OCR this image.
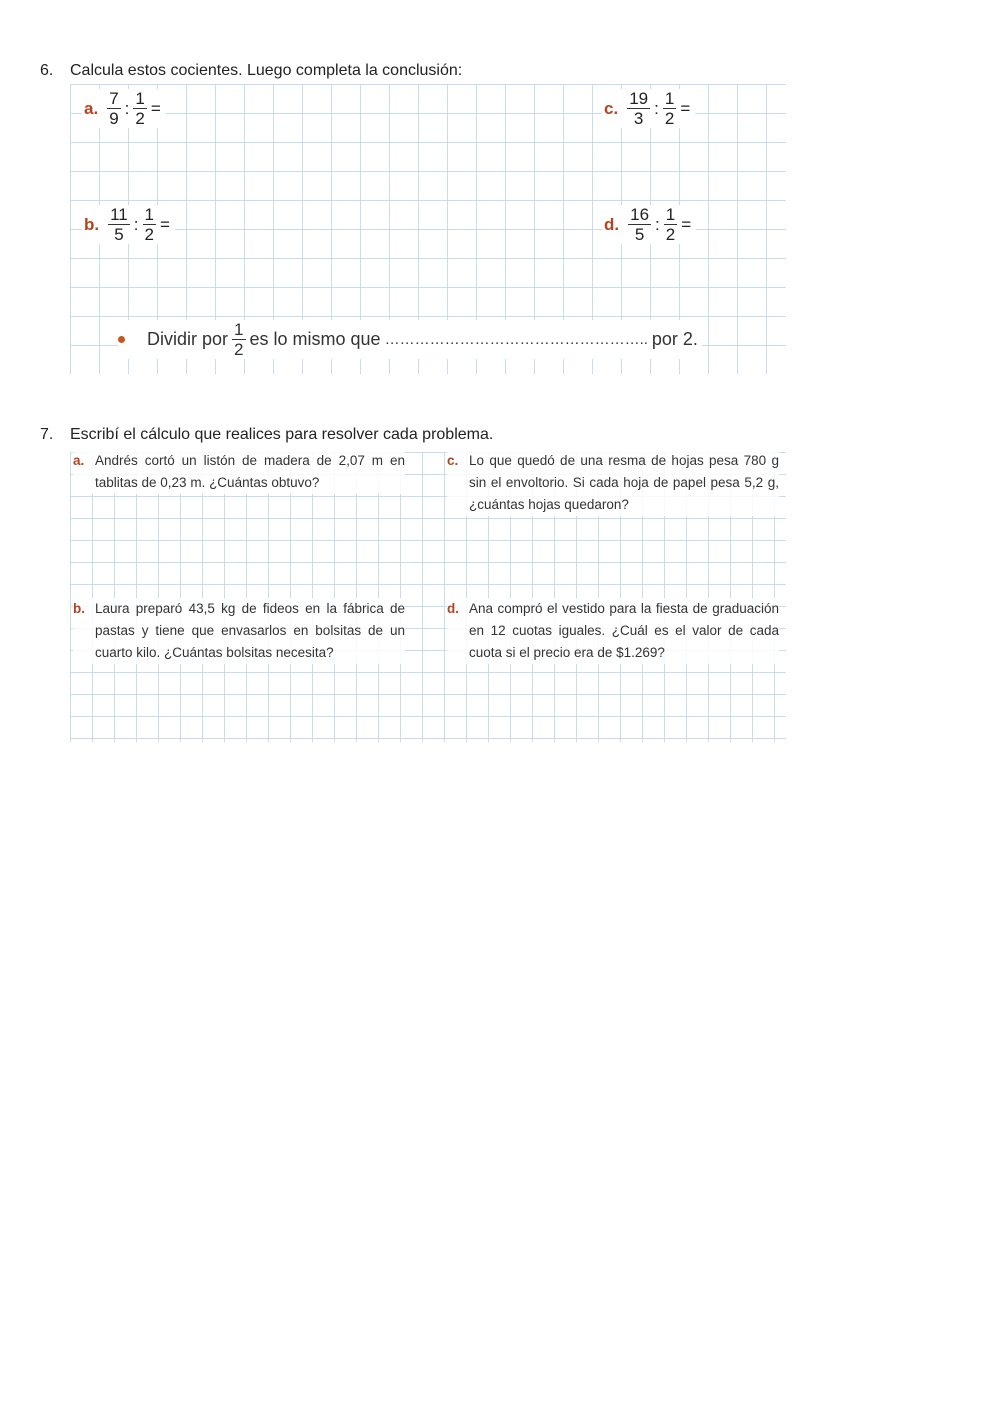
6. Calcula estos cocientes. Luego completa la conclusión:
a. $\frac{7}{9}$ : $\frac{1}{2}$ =	c. $\frac{19}{3}$ : $\frac{1}{2}$ =
b. $\frac{11}{5}$ : $\frac{1}{2}$ =	d. $\frac{16}{5}$ : $\frac{1}{2}$ =
Dividir por $\frac{1}{2}$ es lo mismo que …………………………………………….. por 2.
7. Escribí el cálculo que realices para resolver cada problema.
a. Andrés cortó un listón de madera de 2,07 m en tablitas de 0,23 m. ¿Cuántas obtuvo?
c. Lo que quedó de una resma de hojas pesa 780 g sin el envoltorio. Si cada hoja de papel pesa 5,2 g, ¿cuántas hojas quedaron?
b. Laura preparó 43,5 kg de fideos en la fábrica de pastas y tiene que envasarlos en bolsitas de un cuarto kilo. ¿Cuántas bolsitas necesita?
d. Ana compró el vestido para la fiesta de graduación en 12 cuotas iguales. ¿Cuál es el valor de cada cuota si el precio era de $1.269?
